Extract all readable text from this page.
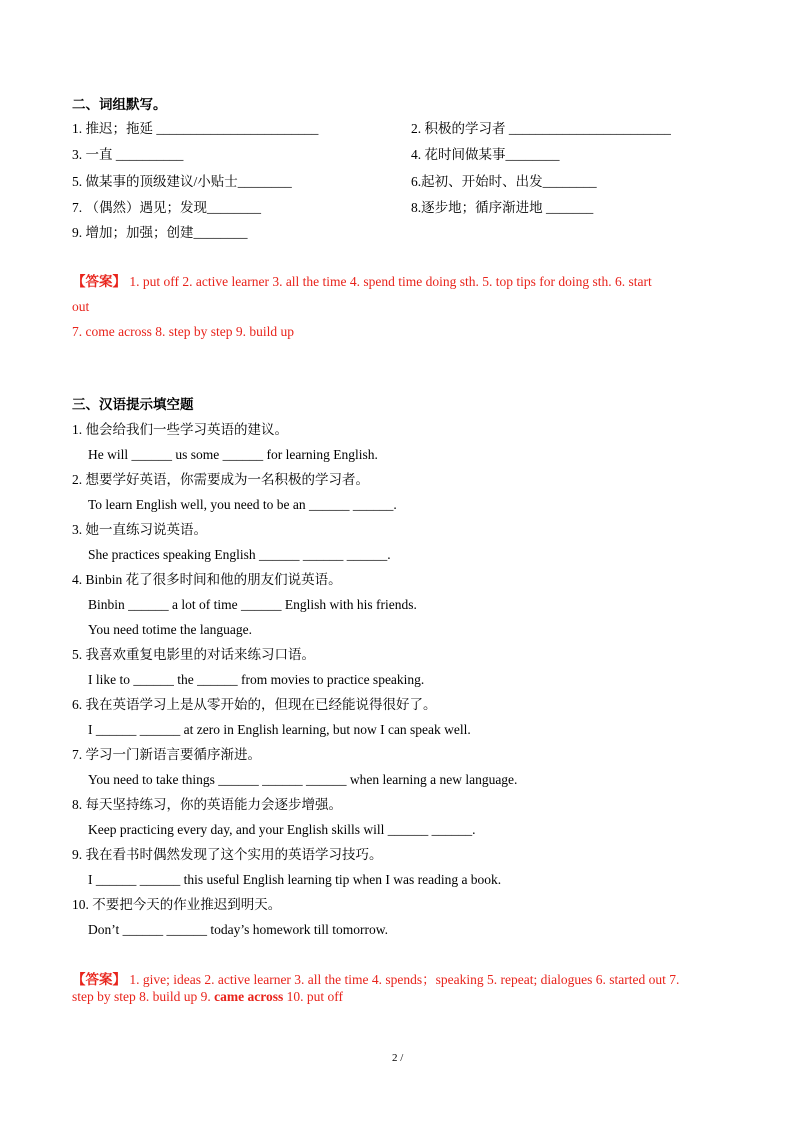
二、词组默写。
1. 推迟；拖延 ________________________	2. 积极的学习者 ________________________
3. 一直 __________	4. 花时间做某事________
5. 做某事的顶级建议/小贴士________	6.起初、开始时、出发________
7. （偶然）遇见；发现________	8.逐步地；循序渐进地 _______
9. 增加；加强；创建________
【答案】 1. put off 2. active learner 3. all the time 4. spend time doing sth. 5. top tips for doing sth. 6. start
out
7. come across 8. step by step 9. build up
三、汉语提示填空题
1. 他会给我们一些学习英语的建议。
He will ______ us some ______ for learning English.
2. 想要学好英语，你需要成为一名积极的学习者。
To learn English well, you need to be an ______ ______.
3. 她一直练习说英语。
She practices speaking English ______ ______ ______.
4. Binbin 花了很多时间和他的朋友们说英语。
Binbin ______ a lot of time ______ English with his friends.
You need totime the language.
5. 我喜欢重复电影里的对话来练习口语。
I like to ______ the ______ from movies to practice speaking.
6. 我在英语学习上是从零开始的，但现在已经能说得很好了。
I ______ ______ at zero in English learning, but now I can speak well.
7. 学习一门新语言要循序渐进。
You need to take things ______ ______ ______ when learning a new language.
8. 每天坚持练习，你的英语能力会逐步增强。
Keep practicing every day, and your English skills will ______ ______.
9. 我在看书时偶然发现了这个实用的英语学习技巧。
I ______ ______ this useful English learning tip when I was reading a book.
10. 不要把今天的作业推迟到明天。
Don’t ______ ______ today’s homework till tomorrow.
【答案】 1. give; ideas 2. active learner 3. all the time 4. spends；speaking 5. repeat; dialogues 6. started out 7.
step by step 8. build up 9. came across 10. put off
2 /
